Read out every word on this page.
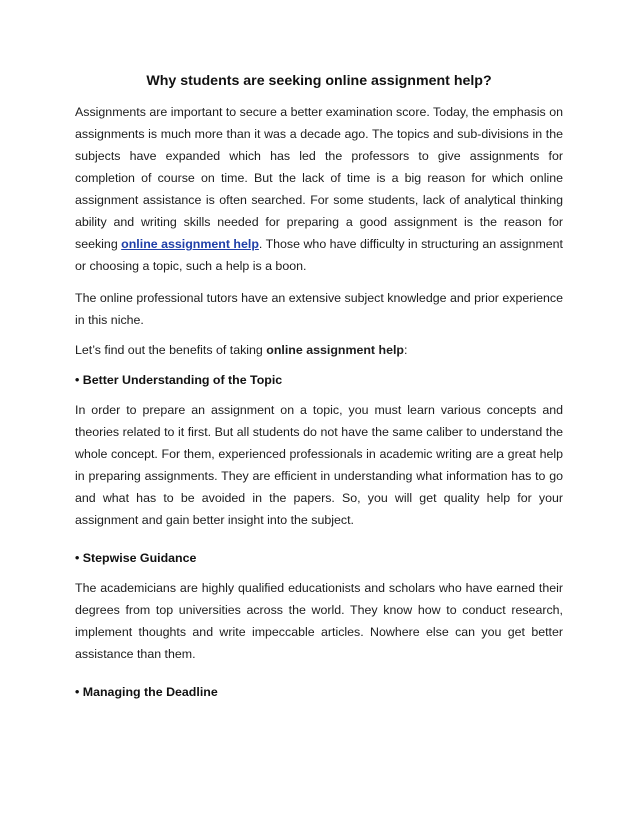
Why students are seeking online assignment help?

Assignments are important to secure a better examination score. Today, the emphasis on assignments is much more than it was a decade ago. The topics and sub-divisions in the subjects have expanded which has led the professors to give assignments for completion of course on time. But the lack of time is a big reason for which online assignment assistance is often searched. For some students, lack of analytical thinking ability and writing skills needed for preparing a good assignment is the reason for seeking online assignment help. Those who have difficulty in structuring an assignment or choosing a topic, such a help is a boon.

The online professional tutors have an extensive subject knowledge and prior experience in this niche.

Let’s find out the benefits of taking online assignment help:

• Better Understanding of the Topic

In order to prepare an assignment on a topic, you must learn various concepts and theories related to it first. But all students do not have the same caliber to understand the whole concept. For them, experienced professionals in academic writing are a great help in preparing assignments. They are efficient in understanding what information has to go and what has to be avoided in the papers. So, you will get quality help for your assignment and gain better insight into the subject.

• Stepwise Guidance

The academicians are highly qualified educationists and scholars who have earned their degrees from top universities across the world. They know how to conduct research, implement thoughts and write impeccable articles. Nowhere else can you get better assistance than them.

• Managing the Deadline
